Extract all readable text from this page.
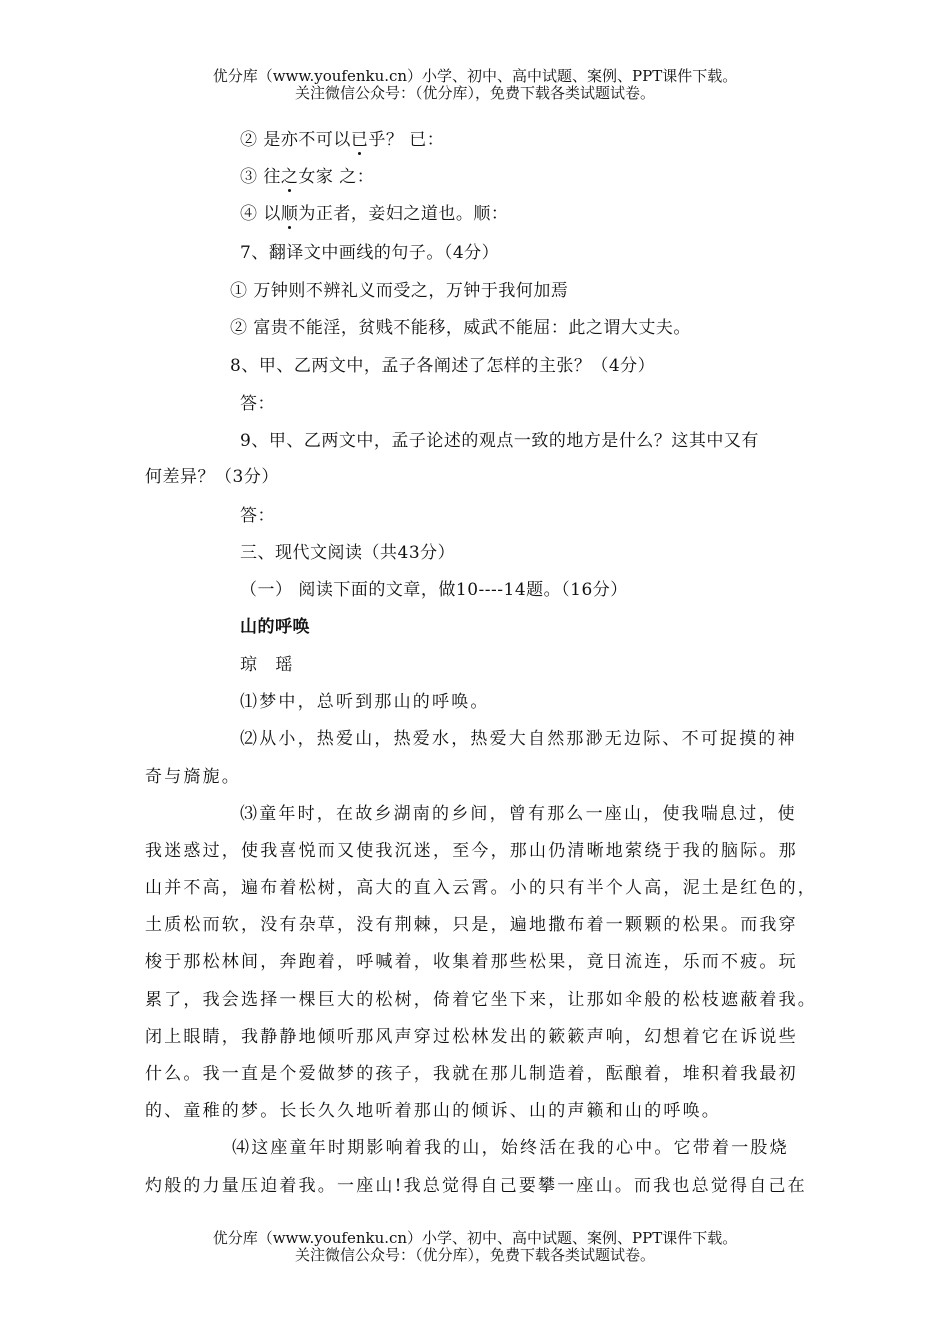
优分库（www.youfenku.cn）小学、初中、高中试题、案例、PPT课件下载。
关注微信公众号：（优分库），免费下载各类试题试卷。
② 是亦不可以已乎？ 已：
③ 往之女家 之：
④ 以顺为正者，妾妇之道也。顺：
7、翻译文中画线的句子。（4分）
① 万钟则不辨礼义而受之，万钟于我何加焉
② 富贵不能淫，贫贱不能移，威武不能屈：此之谓大丈夫。
8、甲、乙两文中，孟子各阐述了怎样的主张？（4分）
答：
9、甲、乙两文中，孟子论述的观点一致的地方是什么？这其中又有
何差异？（3分）
答：
三、现代文阅读（共43分）
（一） 阅读下面的文章，做10----14题。（16分）
山的呼唤
琼 瑶
⑴梦中，总听到那山的呼唤。
⑵从小，热爱山，热爱水，热爱大自然那渺无边际、不可捉摸的神
奇与旖旎。
⑶童年时，在故乡湖南的乡间，曾有那么一座山，使我喘息过，使
我迷惑过，使我喜悦而又使我沉迷，至今，那山仍清晰地萦绕于我的脑际。那
山并不高，遍布着松树，高大的直入云霄。小的只有半个人高，泥土是红色的，
土质松而软，没有杂草，没有荆棘，只是，遍地撒布着一颗颗的松果。而我穿
梭于那松林间，奔跑着，呼喊着，收集着那些松果，竟日流连，乐而不疲。玩
累了，我会选择一棵巨大的松树，倚着它坐下来，让那如伞般的松枝遮蔽着我。
闭上眼睛，我静静地倾听那风声穿过松林发出的簌簌声响，幻想着它在诉说些
什么。我一直是个爱做梦的孩子，我就在那儿制造着，酝酿着，堆积着我最初
的、童稚的梦。长长久久地听着那山的倾诉、山的声籁和山的呼唤。
⑷这座童年时期影响着我的山，始终活在我的心中。它带着一股烧
灼般的力量压迫着我。一座山!我总觉得自己要攀一座山。而我也总觉得自己在
优分库（www.youfenku.cn）小学、初中、高中试题、案例、PPT课件下载。
关注微信公众号：（优分库），免费下载各类试题试卷。
